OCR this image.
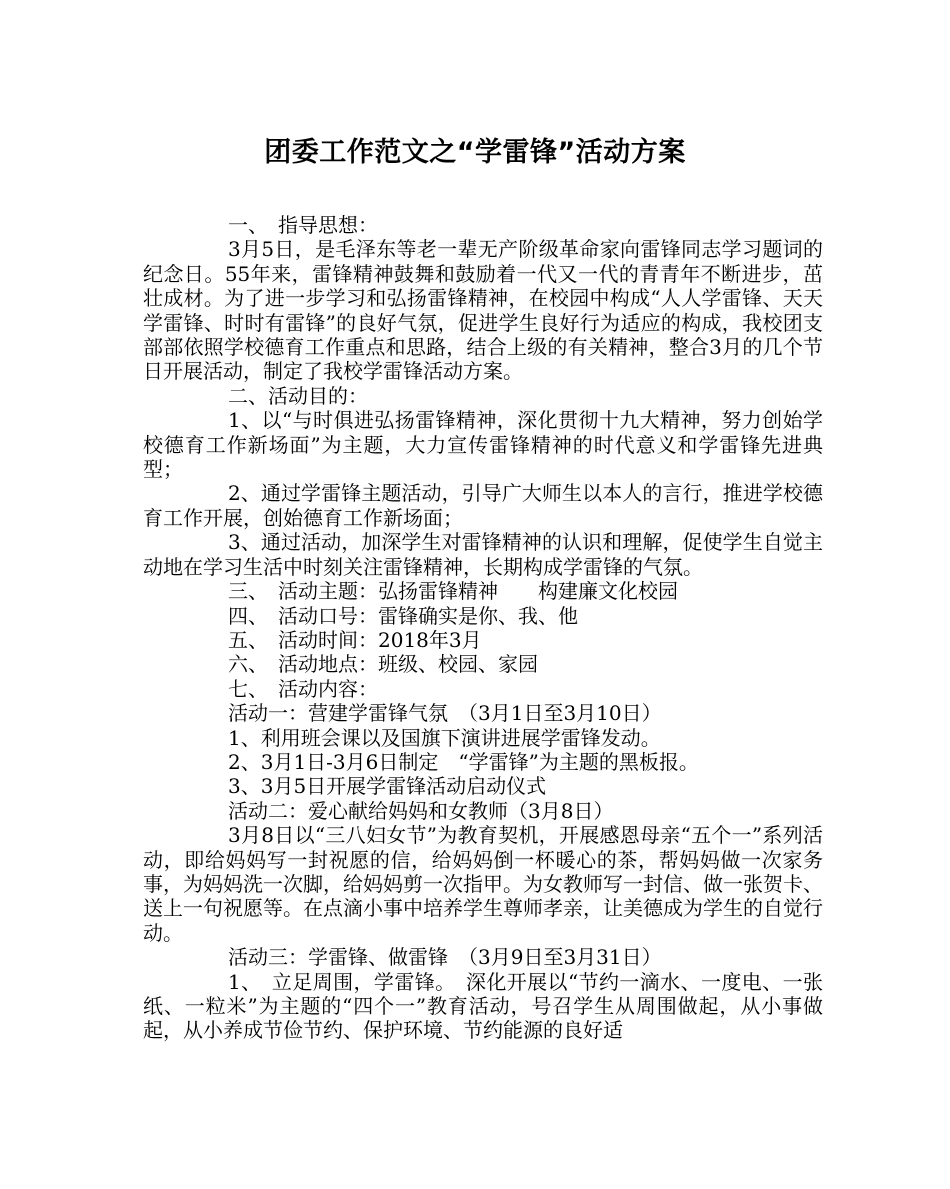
团委工作范文之“学雷锋”活动方案

一、　指导思想：

3月5日，是毛泽东等老一辈无产阶级革命家向雷锋同志学习题词的纪念日。55年来，雷锋精神鼓舞和鼓励着一代又一代的青青年不断进步，茁壮成材。为了进一步学习和弘扬雷锋精神，在校园中构成“人人学雷锋、天天学雷锋、时时有雷锋”的良好气氛，促进学生良好行为适应的构成，我校团支部部依照学校德育工作重点和思路，结合上级的有关精神，整合3月的几个节日开展活动，制定了我校学雷锋活动方案。

二、活动目的：

1、以“与时俱进弘扬雷锋精神，深化贯彻十九大精神，努力创始学校德育工作新场面”为主题，大力宣传雷锋精神的时代意义和学雷锋先进典型；

2、通过学雷锋主题活动，引导广大师生以本人的言行，推进学校德育工作开展，创始德育工作新场面；

3、通过活动，加深学生对雷锋精神的认识和理解，促使学生自觉主动地在学习生活中时刻关注雷锋精神，长期构成学雷锋的气氛。

三、　活动主题：弘扬雷锋精神　　构建廉文化校园

四、　活动口号：雷锋确实是你、我、他

五、　活动时间：2018年3月

六、　活动地点：班级、校园、家园

七、　活动内容：

活动一：营建学雷锋气氛　（3月1日至3月10日）

1、利用班会课以及国旗下演讲进展学雷锋发动。

2、3月1日-3月6日制定　“学雷锋”为主题的黑板报。

3、3月5日开展学雷锋活动启动仪式

活动二：爱心献给妈妈和女教师（3月8日）

3月8日以“三八妇女节”为教育契机，开展感恩母亲“五个一”系列活动，即给妈妈写一封祝愿的信，给妈妈倒一杯暖心的茶，帮妈妈做一次家务事，为妈妈洗一次脚，给妈妈剪一次指甲。为女教师写一封信、做一张贺卡、送上一句祝愿等。在点滴小事中培养学生尊师孝亲，让美德成为学生的自觉行动。

活动三：学雷锋、做雷锋　（3月9日至3月31日）

1、　立足周围，学雷锋。　深化开展以“节约一滴水、一度电、一张纸、一粒米”为主题的“四个一”教育活动，号召学生从周围做起，从小事做起，从小养成节俭节约、保护环境、节约能源的良好适
